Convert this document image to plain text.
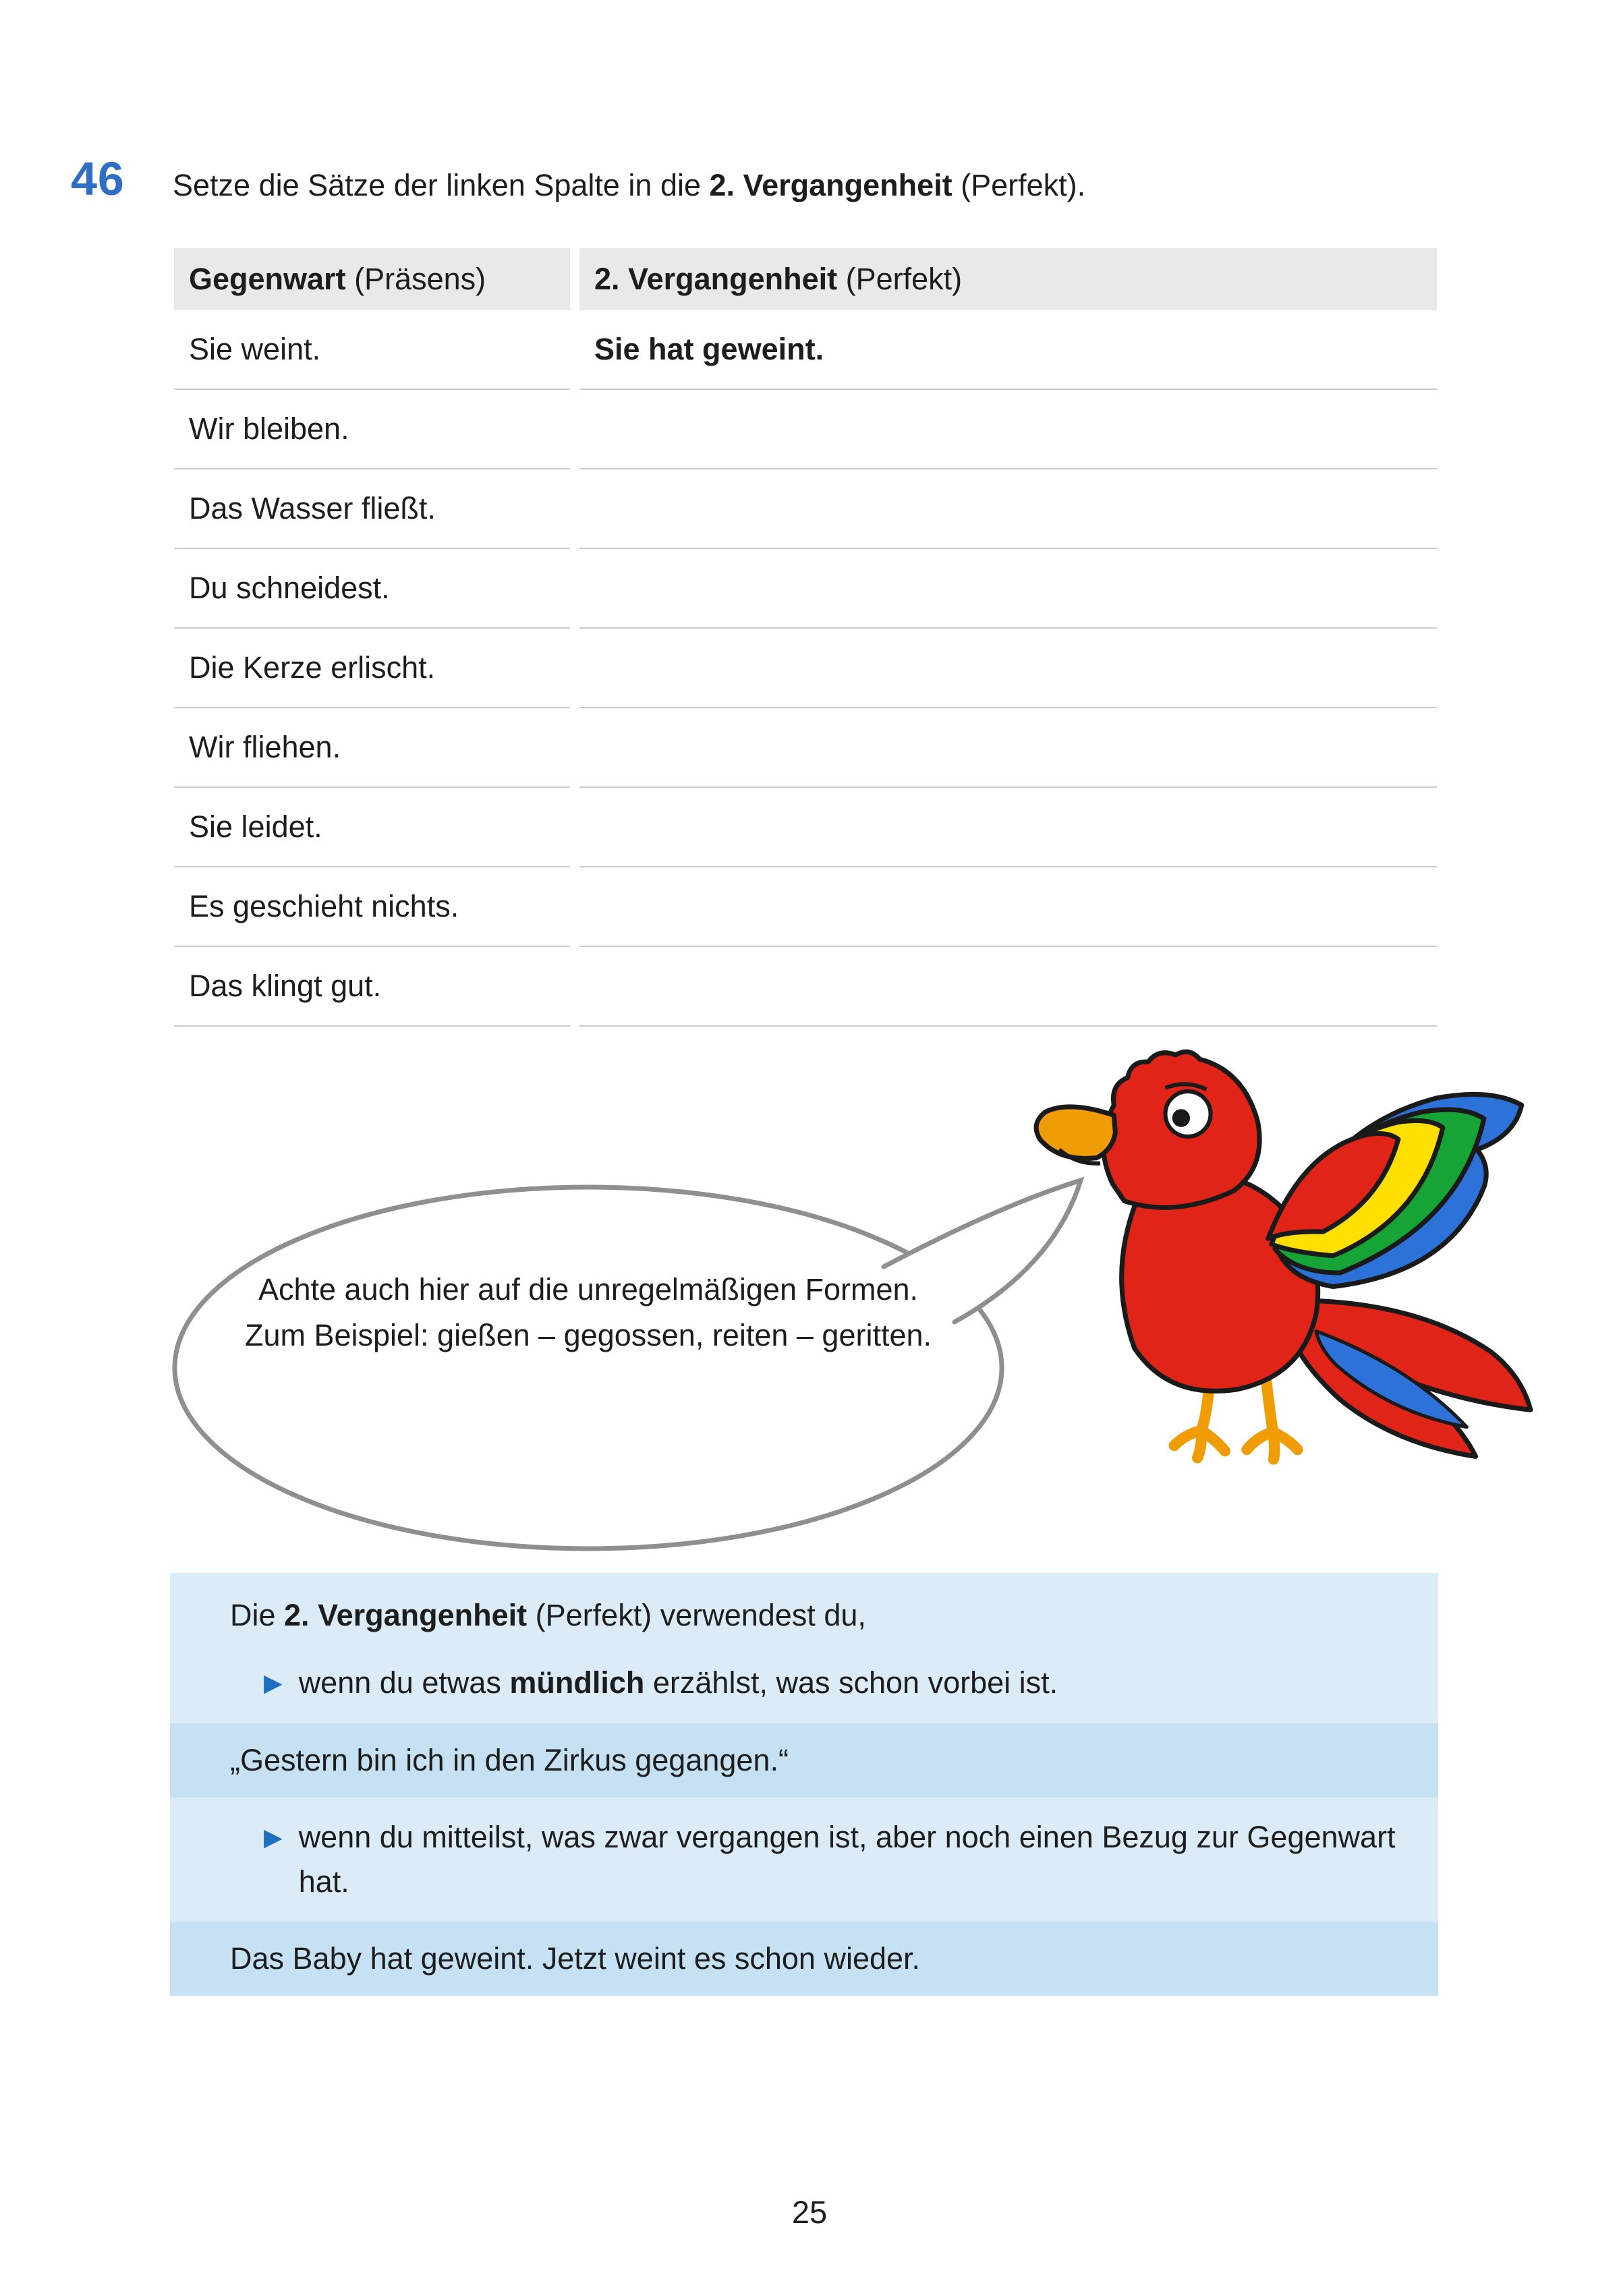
46 Setze die Sätze der linken Spalte in die 2. Vergangenheit (Perfekt).
Gegenwart (Präsens)	2. Vergangenheit (Perfekt)
Sie weint.	Sie hat geweint.
Wir bleiben.
Das Wasser fließt.
Du schneidest.
Die Kerze erlischt.
Wir fliehen.
Sie leidet.
Es geschieht nichts.
Das klingt gut.
Achte auch hier auf die unregelmäßigen Formen. Zum Beispiel: gießen – gegossen, reiten – geritten.
Die 2. Vergangenheit (Perfekt) verwendest du,
▶ wenn du etwas mündlich erzählst, was schon vorbei ist.
„Gestern bin ich in den Zirkus gegangen.“
▶ wenn du mitteilst, was zwar vergangen ist, aber noch einen Bezug zur Gegenwart hat.
Das Baby hat geweint. Jetzt weint es schon wieder.
25
